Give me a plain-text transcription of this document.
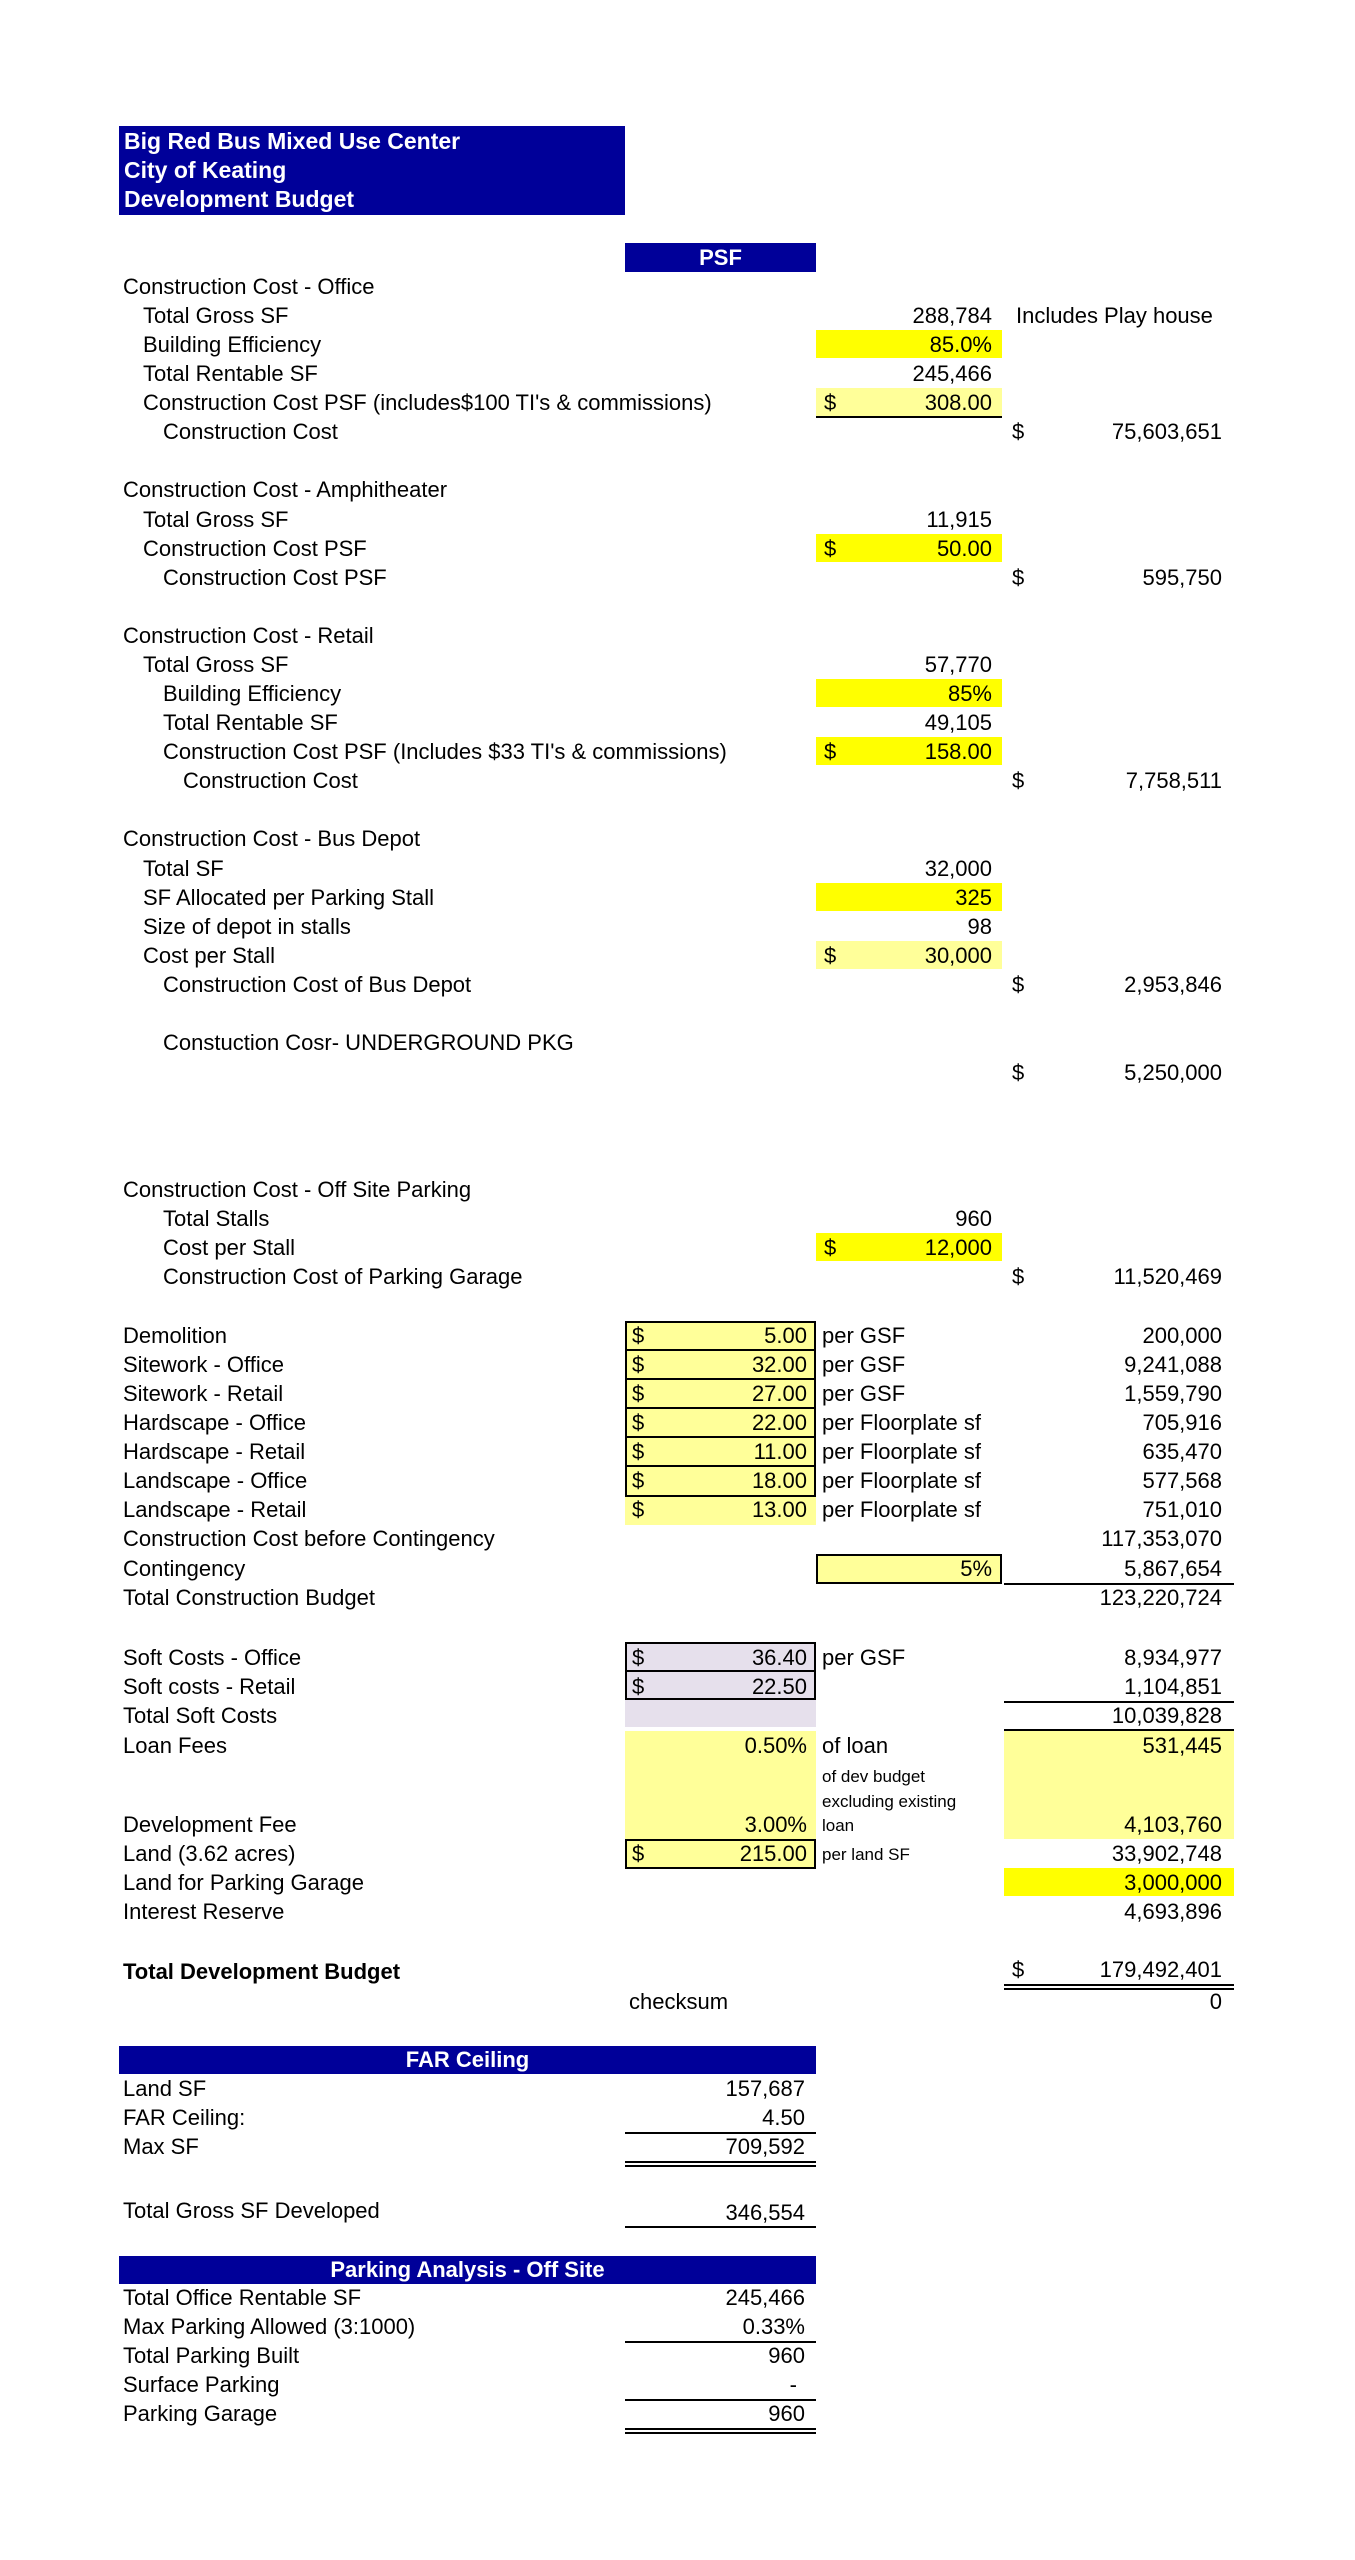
Big Red Bus Mixed Use Center
City of Keating
Development Budget
PSF
Construction Cost - Office
Total Gross SF	288,784 Includes Play house
Building Efficiency	85.0%
Total Rentable SF	245,466
Construction Cost PSF (includes$100 TI's & commissions)	$	308.00
Construction Cost	$	75,603,651
Construction Cost - Amphitheater
Total Gross SF	11,915
Construction Cost PSF	$	50.00
Construction Cost PSF	$	595,750
Construction Cost - Retail
Total Gross SF	57,770
Building Efficiency	85%
Total Rentable SF	49,105
Construction Cost PSF (Includes $33 TI's & commissions)	$	158.00
Construction Cost	$	7,758,511
Construction Cost - Bus Depot
Total SF	32,000
SF Allocated per Parking Stall	325
Size of depot in stalls	98
Cost per Stall	$	30,000
Construction Cost of Bus Depot	$	2,953,846
Constuction Cosr- UNDERGROUND PKG
$	5,250,000
Construction Cost - Off Site Parking
Total Stalls	960
Cost per Stall	$	12,000
Construction Cost of Parking Garage	$	11,520,469
Demolition	$	5.00 per GSF	200,000
Sitework - Office	$	32.00 per GSF	9,241,088
Sitework - Retail	$	27.00 per GSF	1,559,790
Hardscape - Office	$	22.00 per Floorplate sf	705,916
Hardscape - Retail	$	11.00 per Floorplate sf	635,470
Landscape - Office	$	18.00 per Floorplate sf	577,568
Landscape - Retail	$	13.00 per Floorplate sf	751,010
Construction Cost before Contingency	117,353,070
Contingency	5%	5,867,654
Total Construction Budget	123,220,724
Soft Costs - Office	$	36.40 per GSF	8,934,977
Soft costs - Retail	$	22.50	1,104,851
Total Soft Costs	10,039,828
Loan Fees	0.50% of loan	531,445
of dev budget
excluding existing
loan
Development Fee	3.00%	4,103,760
Land (3.62 acres)	$	215.00 per land SF	33,902,748
Land for Parking Garage	3,000,000
Interest Reserve	4,693,896
Total Development Budget	$	179,492,401
checksum	0
FAR Ceiling
Land SF	157,687
FAR Ceiling:	4.50
Max SF	709,592
Total Gross SF Developed	346,554
Parking Analysis - Off Site
Total Office Rentable SF	245,466
Max Parking Allowed (3:1000)	0.33%
Total Parking Built	960
Surface Parking	-
Parking Garage	960
